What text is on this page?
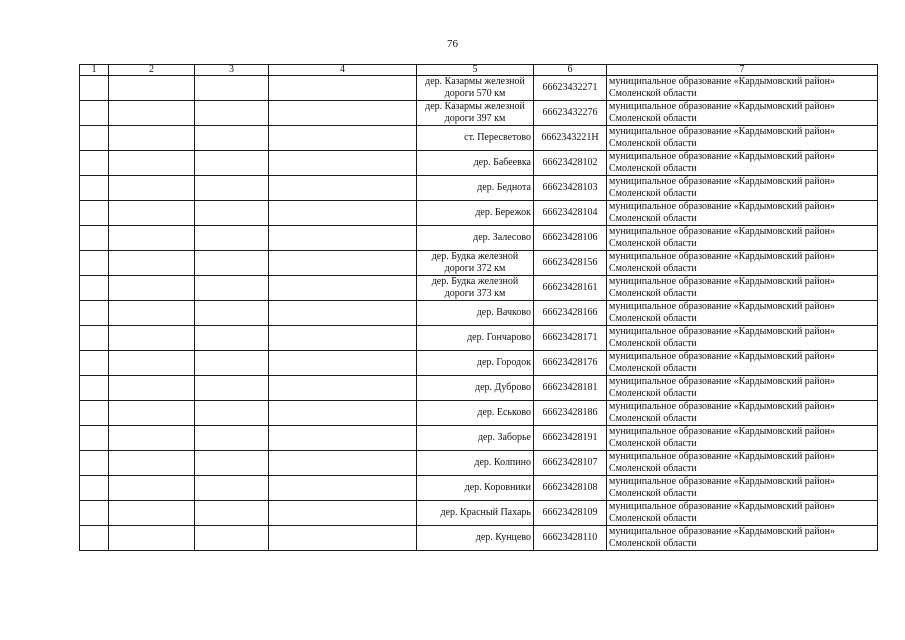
76
1	2	3	4	5	6	7

				дер. Казармы железной
дороги 570 км	66623432271	муниципальное образование «Кардымовский район»
Смоленской области

				дер. Казармы железной
дороги 397 км	66623432276	муниципальное образование «Кардымовский район»
Смоленской области

				ст. Пересветово	6662343221Н	муниципальное образование «Кардымовский район»
Смоленской области

				дер. Бабеевка	66623428102	муниципальное образование «Кардымовский район»
Смоленской области

				дер. Беднота	66623428103	муниципальное образование «Кардымовский район»
Смоленской области

				дер. Бережок	66623428104	муниципальное образование «Кардымовский район»
Смоленской области

				дер. Залесово	66623428106	муниципальное образование «Кардымовский район»
Смоленской области

				дер. Будка железной
дороги 372 км	66623428156	муниципальное образование «Кардымовский район»
Смоленской области

				дер. Будка железной
дороги 373 км	66623428161	муниципальное образование «Кардымовский район»
Смоленской области

				дер. Вачково	66623428166	муниципальное образование «Кардымовский район»
Смоленской области

				дер. Гончарово	66623428171	муниципальное образование «Кардымовский район»
Смоленской области

				дер. Городок	66623428176	муниципальное образование «Кардымовский район»
Смоленской области

				дер. Дуброво	66623428181	муниципальное образование «Кардымовский район»
Смоленской области

				дер. Еськово	66623428186	муниципальное образование «Кардымовский район»
Смоленской области

				дер. Заборье	66623428191	муниципальное образование «Кардымовский район»
Смоленской области

				дер. Колпино	66623428107	муниципальное образование «Кардымовский район»
Смоленской области

				дер. Коровники	66623428108	муниципальное образование «Кардымовский район»
Смоленской области

				дер. Красный Пахарь	66623428109	муниципальное образование «Кардымовский район»
Смоленской области

				дер. Кунцево	66623428110	муниципальное образование «Кардымовский район»
Смоленской области
